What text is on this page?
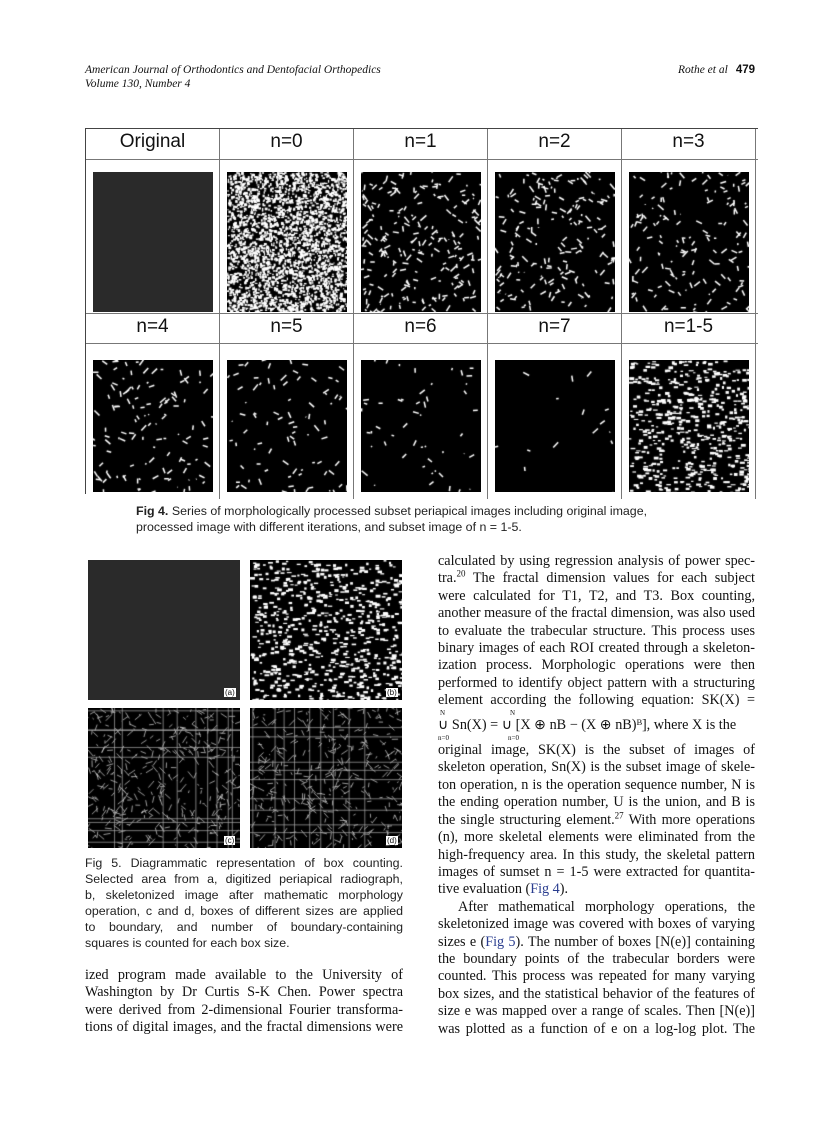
American Journal of Orthodontics and Dentofacial Orthopedics
Volume 130, Number 4
Rothe et al 479
Original	n=0	n=1	n=2	n=3
n=4	n=5	n=6	n=7	n=1-5
Fig 4. Series of morphologically processed subset periapical images including original image,
processed image with different iterations, and subset image of n = 1-5.
(a)	(b)
(c)	(d)
Fig 5. Diagrammatic representation of box counting.
Selected area from a, digitized periapical radiograph,
b, skeletonized image after mathematic morphology
operation, c and d, boxes of different sizes are applied
to boundary, and number of boundary-containing
squares is counted for each box size.
ized program made available to the University of
Washington by Dr Curtis S-K Chen. Power spectra
were derived from 2-dimensional Fourier transforma-
tions of digital images, and the fractal dimensions were
calculated by using regression analysis of power spec-
tra.$^{20}$ The fractal dimension values for each subject
were calculated for T1, T2, and T3. Box counting,
another measure of the fractal dimension, was also used
to evaluate the trabecular structure. This process uses
binary images of each ROI created through a skeleton-
ization process. Morphologic operations were then
performed to identify object pattern with a structuring
element according the following equation: SK(X) =
N	N
∪ Sn(X) = ∪ [X ⊕ nB − (X ⊕ nB)ᴮ], where X is the
n=0	n=0
original image, SK(X) is the subset of images of
skeleton operation, Sn(X) is the subset image of skele-
ton operation, n is the operation sequence number, N is
the ending operation number, U is the union, and B is
the single structuring element.$^{27}$ With more operations
(n), more skeletal elements were eliminated from the
high-frequency area. In this study, the skeletal pattern
images of sumset n = 1-5 were extracted for quantita-
tive evaluation (Fig 4).
After mathematical morphology operations, the
skeletonized image was covered with boxes of varying
sizes e (Fig 5). The number of boxes [N(e)] containing
the boundary points of the trabecular borders were
counted. This process was repeated for many varying
box sizes, and the statistical behavior of the features of
size e was mapped over a range of scales. Then [N(e)]
was plotted as a function of e on a log-log plot. The
